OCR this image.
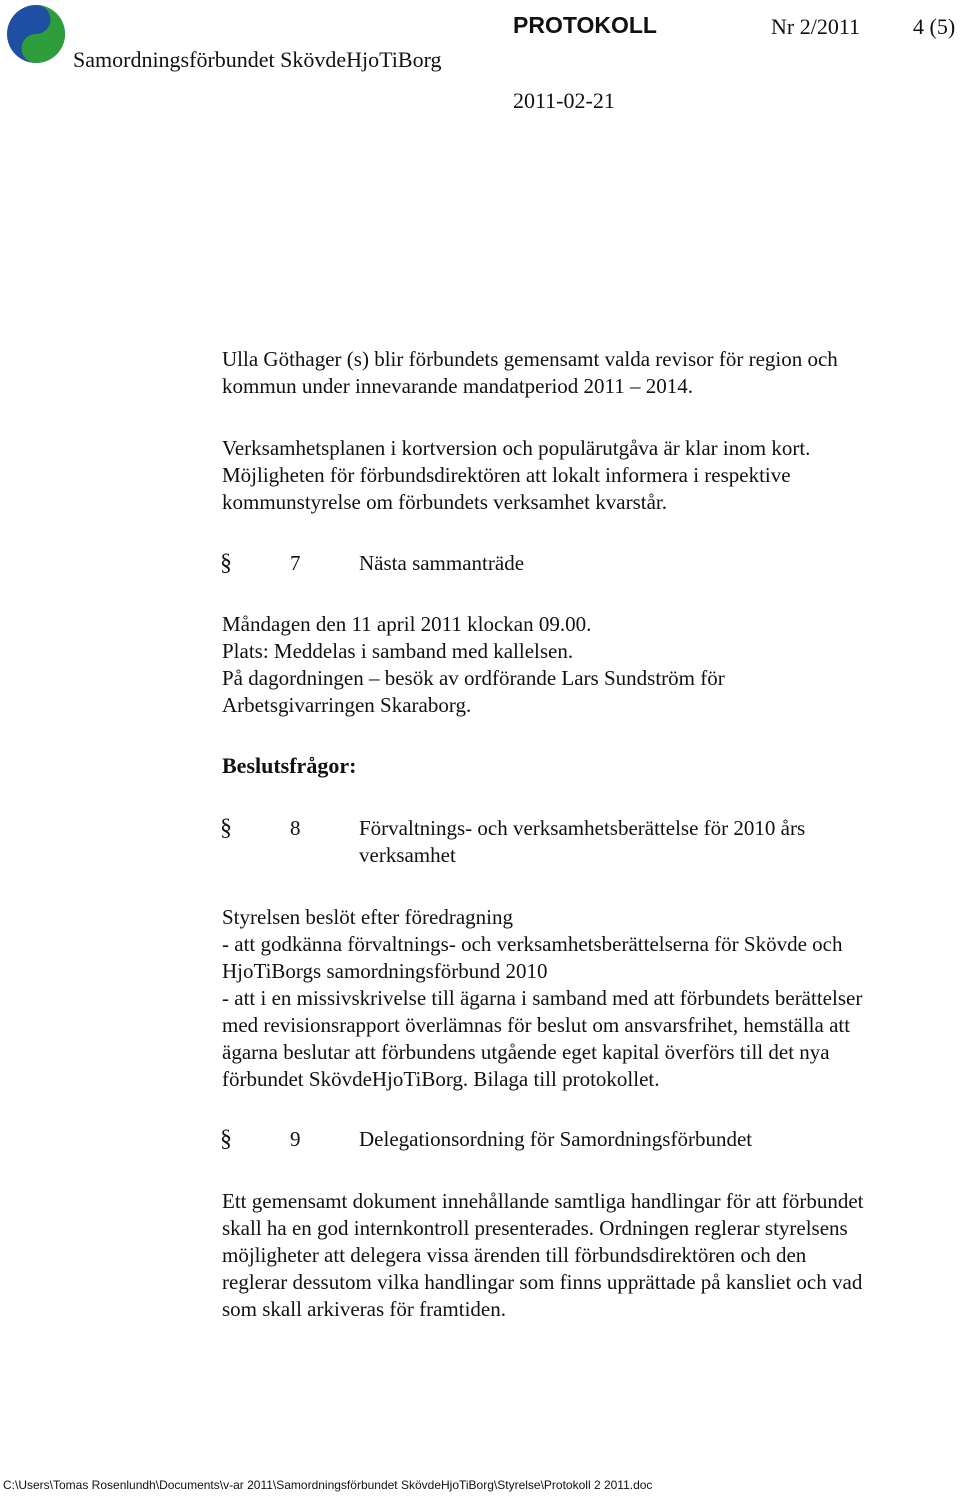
Samordningsförbundet SkövdeHjoTiBorg
PROTOKOLL	Nr 2/2011 4 (5)
2011-02-21

Ulla Göthager (s) blir förbundets gemensamt valda revisor för region och

kommun under innevarande mandatperiod 2011 – 2014.

Verksamhetsplanen i kortversion och populärutgåva är klar inom kort.

Möjligheten för förbundsdirektören att lokalt informera i respektive

kommunstyrelse om förbundets verksamhet kvarstår.

§	7	Nästa sammanträde

Måndagen den 11 april 2011 klockan 09.00.

Plats: Meddelas i samband med kallelsen.

På dagordningen – besök av ordförande Lars Sundström för

Arbetsgivarringen Skaraborg.

Beslutsfrågor:
§	8	Förvaltnings- och verksamhetsberättelse för 2010 års

verksamhet

Styrelsen beslöt efter föredragning

- att godkänna förvaltnings- och verksamhetsberättelserna för Skövde och

HjoTiBorgs samordningsförbund 2010

- att i en missivskrivelse till ägarna i samband med att förbundets berättelser

med revisionsrapport överlämnas för beslut om ansvarsfrihet, hemställa att

ägarna beslutar att förbundens utgående eget kapital överförs till det nya

förbundet SkövdeHjoTiBorg. Bilaga till protokollet.

§	9	Delegationsordning för Samordningsförbundet

Ett gemensamt dokument innehållande samtliga handlingar för att förbundet

skall ha en god internkontroll presenterades. Ordningen reglerar styrelsens

möjligheter att delegera vissa ärenden till förbundsdirektören och den

reglerar dessutom vilka handlingar som finns upprättade på kansliet och vad

som skall arkiveras för framtiden.

C:\Users\Tomas Rosenlundh\Documents\v-ar 2011\Samordningsförbundet SkövdeHjoTiBorg\Styrelse\Protokoll 2 2011.doc
